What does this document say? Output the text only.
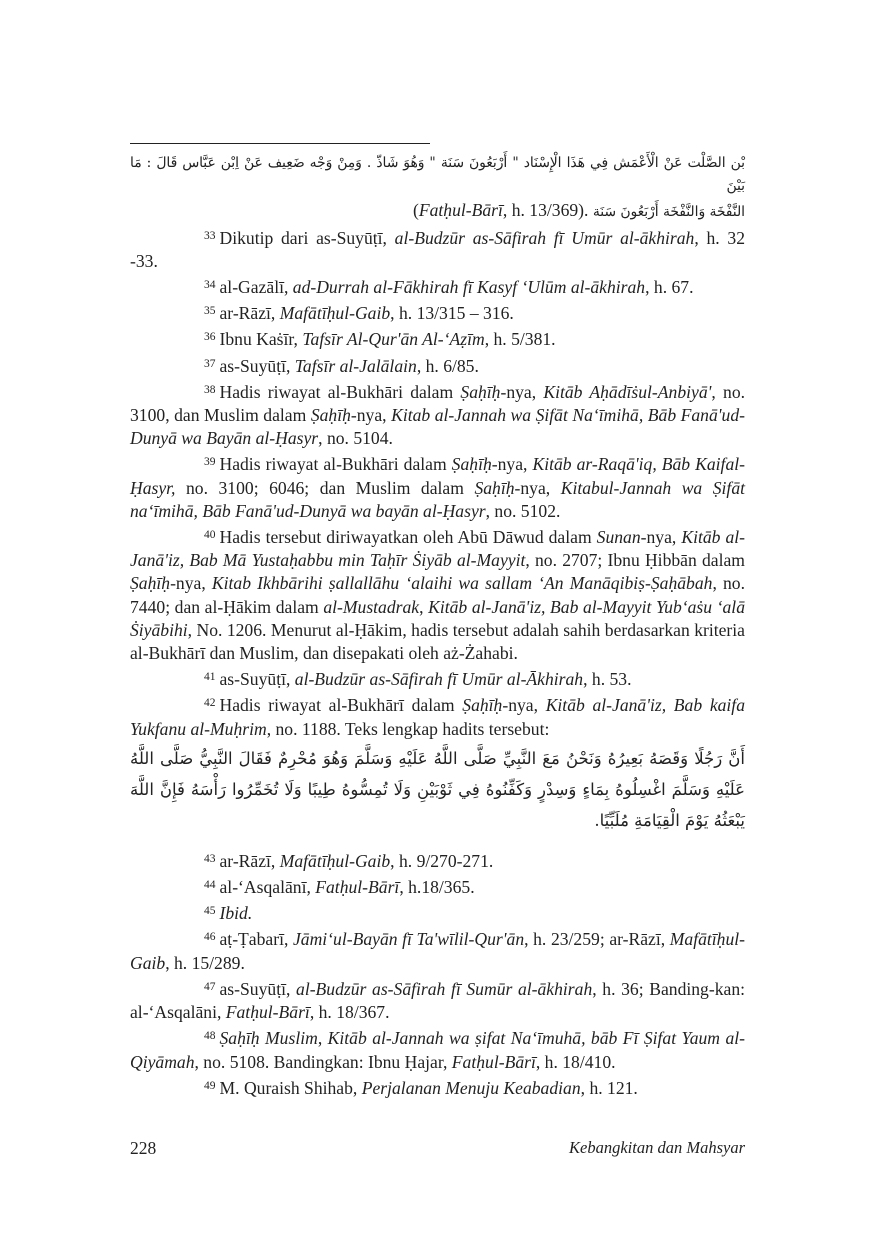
بْن الصَّلْت عَنْ الْأَعْمَش فِي هَذَا الْإِسْنَاد " أَرْبَعُونَ سَنَة " وَهُوَ شَاذّ . وَمِنْ وَجْه ضَعِيف عَنْ اِبْن عَبَّاس قَالَ : مَا بَيْنَ
النَّفْخَة وَالنَّفْخَة أَرْبَعُونَ سَنَة (Fatḥul-Bārī, h. 13/369).

$^{33}$ Dikutip dari as-Suyūṭī, al-Budzūr as-Sāfirah fī Umūr al-ākhirah, h. 32 -33.

$^{34}$ al-Gazālī, ad-Durrah al-Fākhirah fī Kasyf ‘Ulūm al-ākhirah, h. 67.

$^{35}$ ar-Rāzī, Mafātīḥul-Gaib, h. 13/315 – 316.

$^{36}$ Ibnu Kaṡīr, Tafsīr Al-Qur'ān Al-‘Aẓīm, h. 5/381.

$^{37}$ as-Suyūṭī, Tafsīr al-Jalālain, h. 6/85.

$^{38}$ Hadis riwayat al-Bukhāri dalam Ṣaḥīḥ-nya, Kitāb Aḥādīṡul-Anbiyā', no. 3100, dan Muslim dalam Ṣaḥīḥ-nya, Kitab al-Jannah wa Ṣifāt Na‘īmihā, Bāb Fanā'ud-Dunyā wa Bayān al-Ḥasyr, no. 5104.

$^{39}$ Hadis riwayat al-Bukhāri dalam Ṣaḥīḥ-nya, Kitāb ar-Raqā'iq, Bāb Kaifal-Ḥasyr, no. 3100; 6046; dan Muslim dalam Ṣaḥīḥ-nya, Kitabul-Jannah wa Ṣifāt na‘īmihā, Bāb Fanā'ud-Dunyā wa bayān al-Ḥasyr, no. 5102.

$^{40}$ Hadis tersebut diriwayatkan oleh Abū Dāwud dalam Sunan-nya, Kitāb al-Janā'iz, Bab Mā Yustaḥabbu min Taḥīr Ṡiyāb al-Mayyit, no. 2707; Ibnu Ḥibbān dalam Ṣaḥīḥ-nya, Kitab Ikhbārihi ṣallallāhu ‘alaihi wa sallam ‘An Manāqibiṣ-Ṣaḥābah, no. 7440; dan al-Ḥākim dalam al-Mustadrak, Kitāb al-Janā'iz, Bab al-Mayyit Yub‘aṡu ‘alā Ṡiyābihi, No. 1206. Menurut al-Ḥākim, hadis tersebut adalah sahih berdasarkan kriteria al-Bukhārī dan Muslim, dan disepakati oleh aż-Żahabi.

$^{41}$ as-Suyūṭī, al-Budzūr as-Sāfirah fī Umūr al-Ākhirah, h. 53.

$^{42}$ Hadis riwayat al-Bukhārī dalam Ṣaḥīḥ-nya, Kitāb al-Janā'iz, Bab kaifa Yukfanu al-Muḥrim, no. 1188. Teks lengkap hadits tersebut:

أَنَّ رَجُلًا وَقَصَهُ بَعِيرُهُ وَنَحْنُ مَعَ النَّبِيِّ صَلَّى اللَّهُ عَلَيْهِ وَسَلَّمَ وَهُوَ مُحْرِمٌ فَقَالَ النَّبِيُّ صَلَّى اللَّهُ عَلَيْهِ وَسَلَّمَ اغْسِلُوهُ بِمَاءٍ وَسِدْرٍ وَكَفِّنُوهُ فِي ثَوْبَيْنِ وَلَا تُمِسُّوهُ طِيبًا وَلَا تُخَمِّرُوا رَأْسَهُ فَإِنَّ اللَّهَ يَبْعَثُهُ يَوْمَ الْقِيَامَةِ مُلَبِّيًا.

$^{43}$ ar-Rāzī, Mafātīḥul-Gaib, h. 9/270-271.

$^{44}$ al-‘Asqalānī, Fatḥul-Bārī, h.18/365.

$^{45}$ Ibid.

$^{46}$ aṭ-Ṭabarī, Jāmi‘ul-Bayān fī Ta'wīlil-Qur'ān, h. 23/259; ar-Rāzī, Mafātīḥul-Gaib, h. 15/289.

$^{47}$ as-Suyūṭī, al-Budzūr as-Sāfirah fī Sumūr al-ākhirah, h. 36; Banding-kan: al-‘Asqalāni, Fatḥul-Bārī, h. 18/367.

$^{48}$ Ṣaḥīḥ Muslim, Kitāb al-Jannah wa ṣifat Na‘īmuhā, bāb Fī Ṣifat Yaum al-Qiyāmah, no. 5108. Bandingkan: Ibnu Ḥajar, Fatḥul-Bārī, h. 18/410.

$^{49}$ M. Quraish Shihab, Perjalanan Menuju Keabadian, h. 121.

228	Kebangkitan dan Mahsyar
